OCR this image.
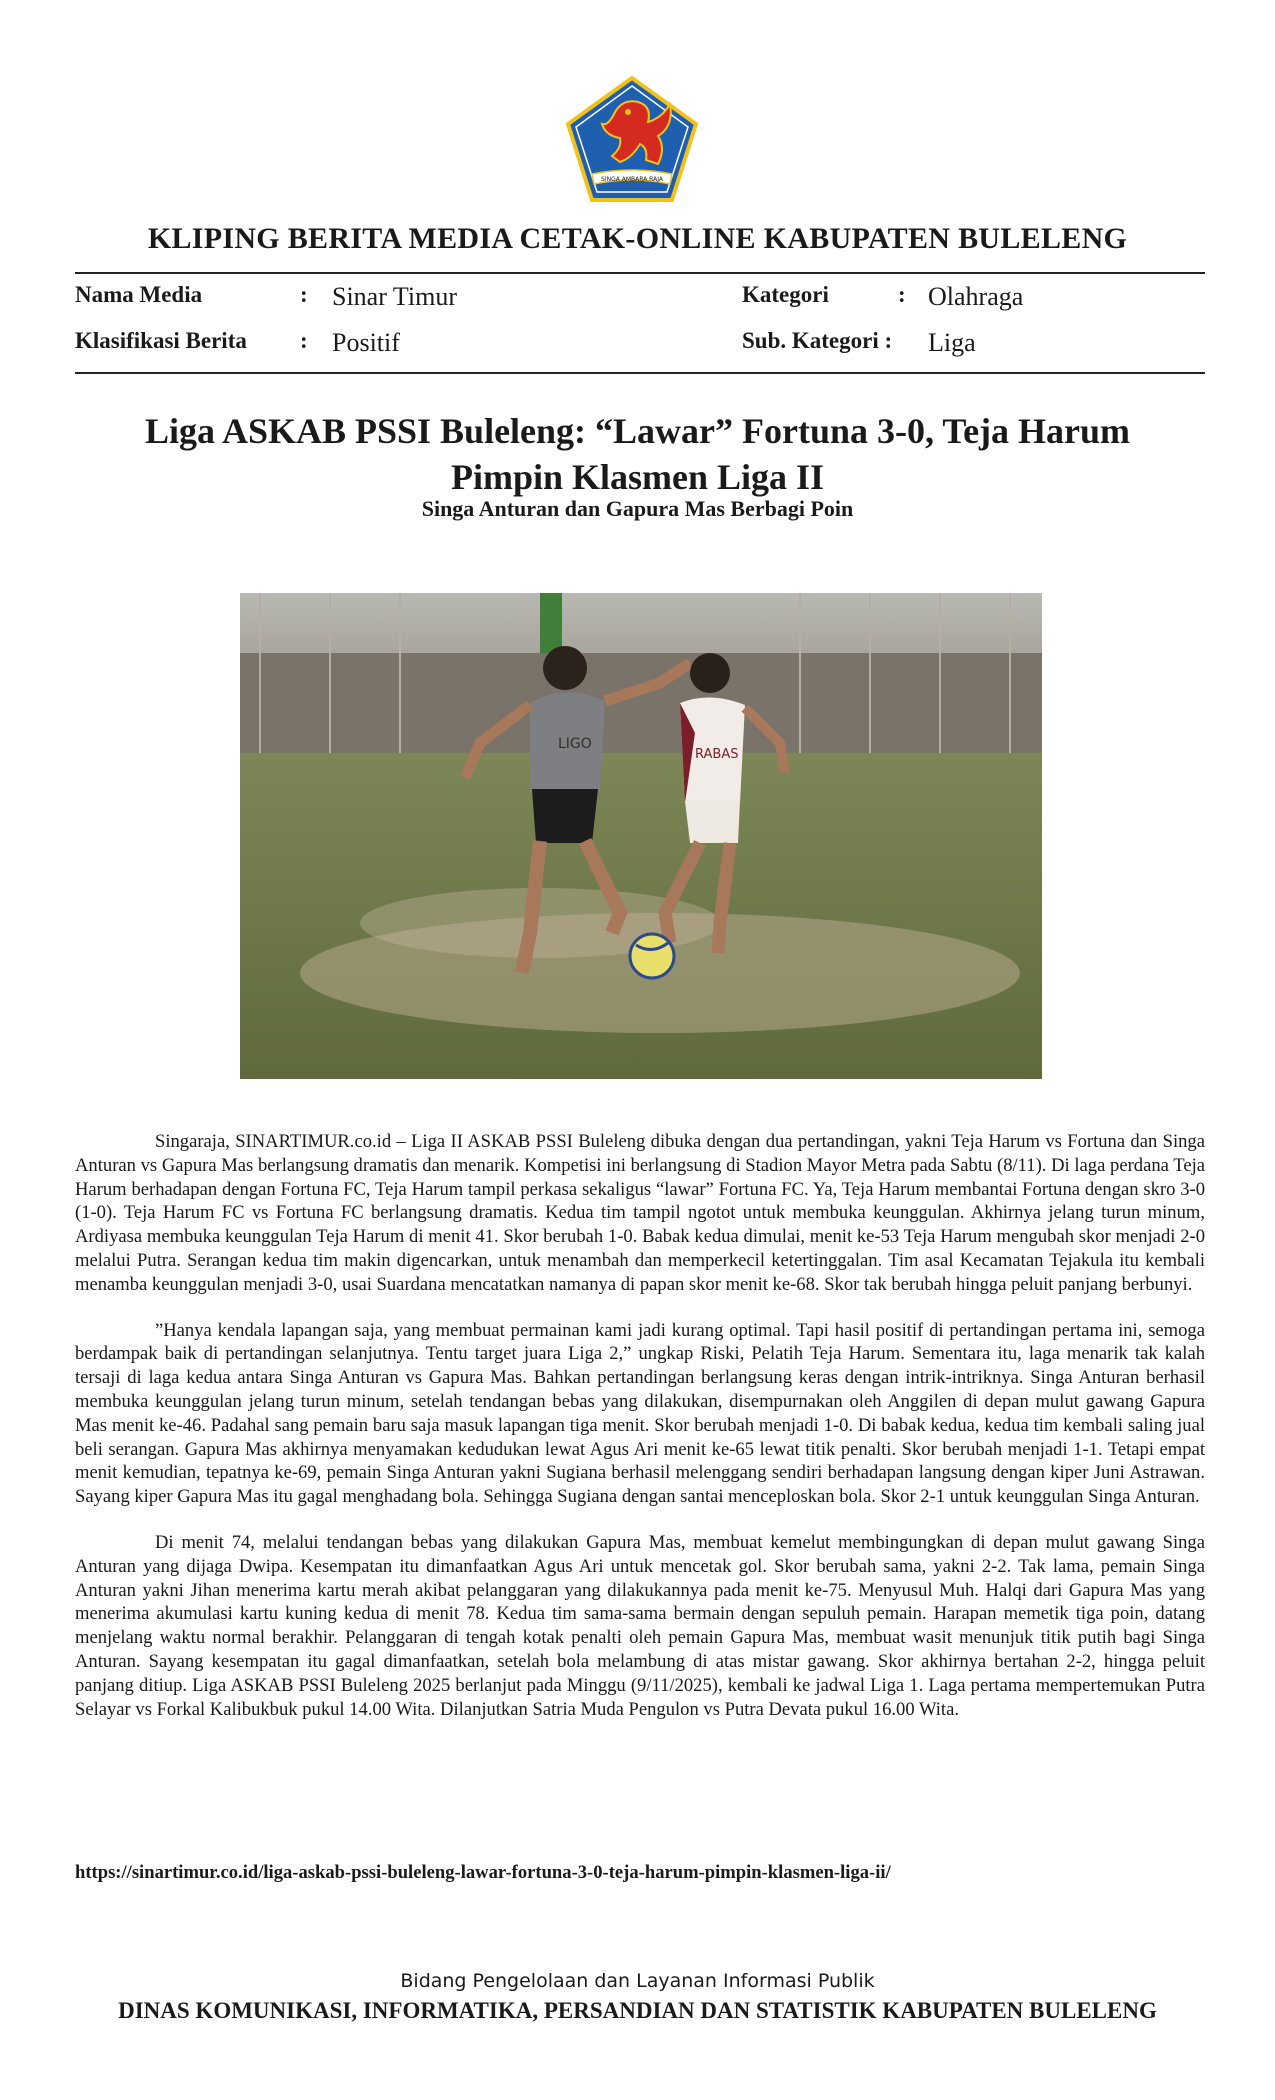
SINGA AMBARA RAJA
KLIPING BERITA MEDIA CETAK-ONLINE KABUPATEN BULELENG
Nama Media	: Sinar Timur	Kategori	: Olahraga
Klasifikasi Berita : Positif	Sub. Kategori : Liga
Liga ASKAB PSSI Buleleng: “Lawar” Fortuna 3-0, Teja Harum
Pimpin Klasmen Liga II
Singa Anturan dan Gapura Mas Berbagi Poin
LIGO
RABAS

Singaraja, SINARTIMUR.co.id – Liga II ASKAB PSSI Buleleng dibuka dengan dua pertandingan, yakni Teja Harum vs Fortuna dan Singa Anturan vs Gapura Mas berlangsung dramatis dan menarik. Kompetisi ini berlangsung di Stadion Mayor Metra pada Sabtu (8/11). Di laga perdana Teja Harum berhadapan dengan Fortuna FC, Teja Harum tampil perkasa sekaligus “lawar” Fortuna FC. Ya, Teja Harum membantai Fortuna dengan skro 3-0 (1-0). Teja Harum FC vs Fortuna FC berlangsung dramatis. Kedua tim tampil ngotot untuk membuka keunggulan. Akhirnya jelang turun minum, Ardiyasa membuka keunggulan Teja Harum di menit 41. Skor berubah 1-0. Babak kedua dimulai, menit ke-53 Teja Harum mengubah skor menjadi 2-0 melalui Putra. Serangan kedua tim makin digencarkan, untuk menambah dan memperkecil ketertinggalan. Tim asal Kecamatan Tejakula itu kembali menamba keunggulan menjadi 3-0, usai Suardana mencatatkan namanya di papan skor menit ke-68. Skor tak berubah hingga peluit panjang berbunyi.

”Hanya kendala lapangan saja, yang membuat permainan kami jadi kurang optimal. Tapi hasil positif di pertandingan pertama ini, semoga berdampak baik di pertandingan selanjutnya. Tentu target juara Liga 2,” ungkap Riski, Pelatih Teja Harum. Sementara itu, laga menarik tak kalah tersaji di laga kedua antara Singa Anturan vs Gapura Mas. Bahkan pertandingan berlangsung keras dengan intrik-intriknya. Singa Anturan berhasil membuka keunggulan jelang turun minum, setelah tendangan bebas yang dilakukan, disempurnakan oleh Anggilen di depan mulut gawang Gapura Mas menit ke-46. Padahal sang pemain baru saja masuk lapangan tiga menit. Skor berubah menjadi 1-0. Di babak kedua, kedua tim kembali saling jual beli serangan. Gapura Mas akhirnya menyamakan kedudukan lewat Agus Ari menit ke-65 lewat titik penalti. Skor berubah menjadi 1-1. Tetapi empat menit kemudian, tepatnya ke-69, pemain Singa Anturan yakni Sugiana berhasil melenggang sendiri berhadapan langsung dengan kiper Juni Astrawan. Sayang kiper Gapura Mas itu gagal menghadang bola. Sehingga Sugiana dengan santai menceploskan bola. Skor 2-1 untuk keunggulan Singa Anturan.

Di menit 74, melalui tendangan bebas yang dilakukan Gapura Mas, membuat kemelut membingungkan di depan mulut gawang Singa Anturan yang dijaga Dwipa. Kesempatan itu dimanfaatkan Agus Ari untuk mencetak gol. Skor berubah sama, yakni 2-2. Tak lama, pemain Singa Anturan yakni Jihan menerima kartu merah akibat pelanggaran yang dilakukannya pada menit ke-75. Menyusul Muh. Halqi dari Gapura Mas yang menerima akumulasi kartu kuning kedua di menit 78. Kedua tim sama-sama bermain dengan sepuluh pemain. Harapan memetik tiga poin, datang menjelang waktu normal berakhir. Pelanggaran di tengah kotak penalti oleh pemain Gapura Mas, membuat wasit menunjuk titik putih bagi Singa Anturan. Sayang kesempatan itu gagal dimanfaatkan, setelah bola melambung di atas mistar gawang. Skor akhirnya bertahan 2-2, hingga peluit panjang ditiup. Liga ASKAB PSSI Buleleng 2025 berlanjut pada Minggu (9/11/2025), kembali ke jadwal Liga 1. Laga pertama mempertemukan Putra Selayar vs Forkal Kalibukbuk pukul 14.00 Wita. Dilanjutkan Satria Muda Pengulon vs Putra Devata pukul 16.00 Wita.

https://sinartimur.co.id/liga-askab-pssi-buleleng-lawar-fortuna-3-0-teja-harum-pimpin-klasmen-liga-ii/
Bidang Pengelolaan dan Layanan Informasi Publik
DINAS KOMUNIKASI, INFORMATIKA, PERSANDIAN DAN STATISTIK KABUPATEN BULELENG
